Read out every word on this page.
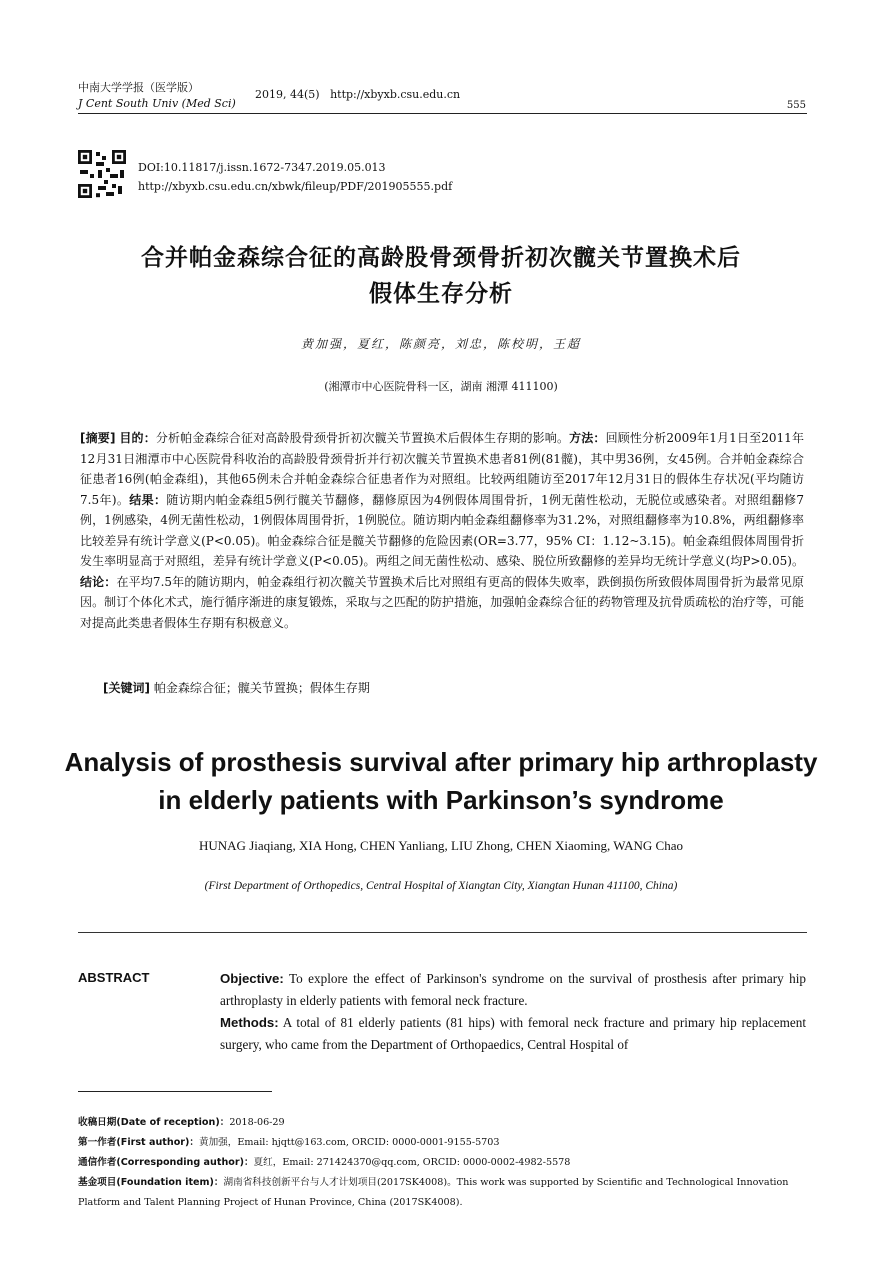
中南大学学报（医学版）
J Cent South Univ (Med Sci)
2019, 44(5) http://xbyxb.csu.edu.cn
555
DOI:10.11817/j.issn.1672-7347.2019.05.013
http://xbyxb.csu.edu.cn/xbwk/fileup/PDF/201905555.pdf
合并帕金森综合征的高龄股骨颈骨折初次髋关节置换术后
假体生存分析
黄加强，夏红，陈颜亮，刘忠，陈校明，王超
(湘潭市中心医院骨科一区，湖南 湘潭 411100)
[摘要] 目的：分析帕金森综合征对高龄股骨颈骨折初次髋关节置换术后假体生存期的影响。方法：回顾性分析2009年1月1日至2011年12月31日湘潭市中心医院骨科收治的高龄股骨颈骨折并行初次髋关节置换术患者81例(81髋)，其中男36例，女45例。合并帕金森综合征患者16例(帕金森组)，其他65例未合并帕金森综合征患者作为对照组。比较两组随访至2017年12月31日的假体生存状况(平均随访7.5年)。结果：随访期内帕金森组5例行髋关节翻修，翻修原因为4例假体周围骨折，1例无菌性松动，无脱位或感染者。对照组翻修7例，1例感染，4例无菌性松动，1例假体周围骨折，1例脱位。随访期内帕金森组翻修率为31.2%，对照组翻修率为10.8%，两组翻修率比较差异有统计学意义(P<0.05)。帕金森综合征是髋关节翻修的危险因素(OR=3.77，95% CI：1.12~3.15)。帕金森组假体周围骨折发生率明显高于对照组，差异有统计学意义(P<0.05)。两组之间无菌性松动、感染、脱位所致翻修的差异均无统计学意义(均P>0.05)。结论：在平均7.5年的随访期内，帕金森组行初次髋关节置换术后比对照组有更高的假体失败率，跌倒损伤所致假体周围骨折为最常见原因。制订个体化术式，施行循序渐进的康复锻炼，采取与之匹配的防护措施，加强帕金森综合征的药物管理及抗骨质疏松的治疗等，可能对提高此类患者假体生存期有积极意义。
[关键词] 帕金森综合征；髋关节置换；假体生存期
Analysis of prosthesis survival after primary hip arthroplasty
in elderly patients with Parkinson’s syndrome
HUNAG Jiaqiang, XIA Hong, CHEN Yanliang, LIU Zhong, CHEN Xiaoming, WANG Chao
(First Department of Orthopedics, Central Hospital of Xiangtan City, Xiangtan Hunan 411100, China)
ABSTRACT	Objective: To explore the effect of Parkinson's syndrome on the survival of prosthesis after primary hip arthroplasty in elderly patients with femoral neck fracture.
Methods: A total of 81 elderly patients (81 hips) with femoral neck fracture and primary hip replacement surgery, who came from the Department of Orthopaedics, Central Hospital of
收稿日期(Date of reception)：2018-06-29
第一作者(First author)：黄加强，Email: hjqtt@163.com, ORCID: 0000-0001-9155-5703
通信作者(Corresponding author)：夏红，Email: 271424370@qq.com, ORCID: 0000-0002-4982-5578
基金项目(Foundation item)：湖南省科技创新平台与人才计划项目(2017SK4008)。This work was supported by Scientific and Technological Innovation Platform and Talent Planning Project of Hunan Province, China (2017SK4008).
